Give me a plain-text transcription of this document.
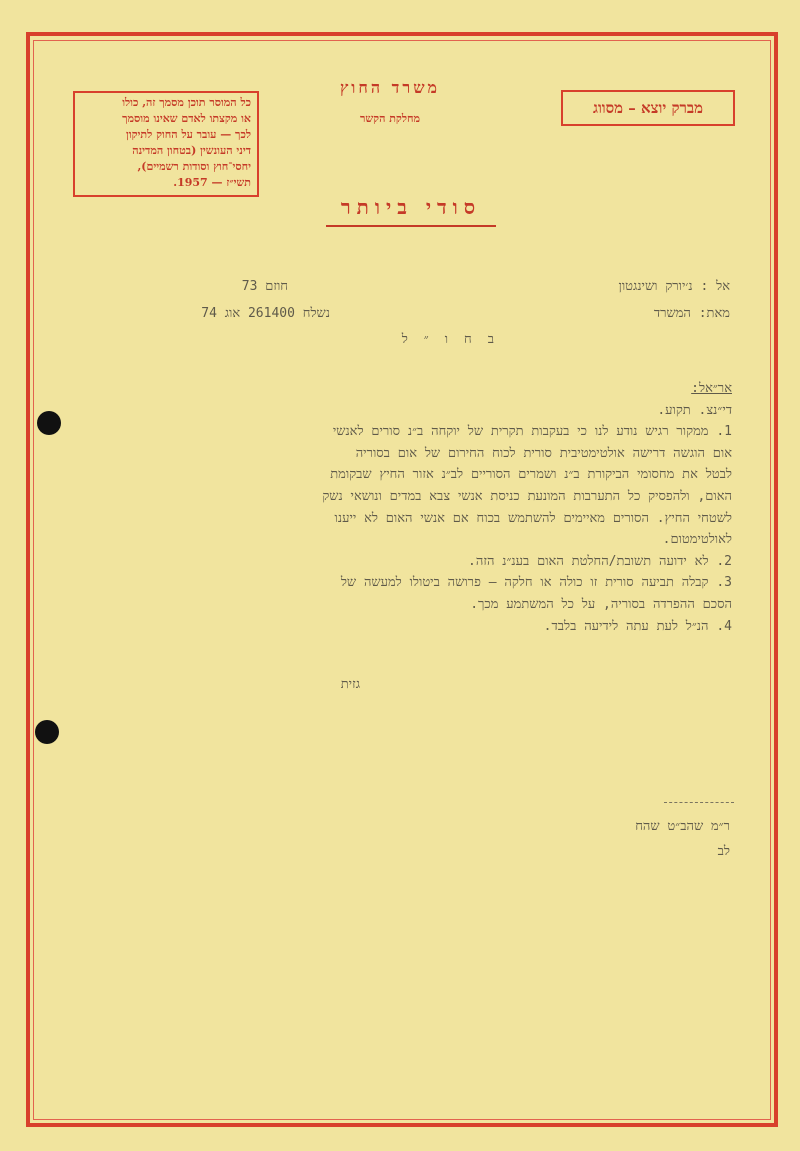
כל המוסר תוכן מסמך זה, כולו
או מקצתו לאדם שאינו מוסמך
לכך — עובר על החוק לתיקון
דיני העונשין (בטחון המדינה
יחסי־חוץ וסודות רשמיים),
תשי״ז — 1957.
משרד החוץ
מחלקת הקשר
מברק יוצא – מסווג
סודי ביותר
אל : נ׳יורק ושינגטון
חוזם 73
מאת: המשרד
נשלח 261400 אוג 74
בחו״ל
אר״אל:
די״נצ. תקוע.
1. ממקור רגיש נודע לנו כי בעקבות תקרית של יוקחה ב״נ סורים לאנשי
אום הוגשה דרישה אולטימטיבית סורית לכוח החירום של אום בסוריה
לבטל את מחסומי הביקורת ב״נ ושמרים הסוריים לב״נ אזור החיץ שבקומת
האום, ולהפסיק כל התערבות המונעת כניסת אנשי צבא במדים ונושאי נשק
לשטחי החיץ. הסורים מאיימים להשתמש בכוח אם אנשי האום לא ייענו
לאולטימטום.
2. לא ידועה תשובת/החלטת האום בענ״נ הזה.
3. קבלה תביעה סורית זו כולה או חלקה – פרושה ביטולו למעשה של
הסכם ההפרדה בסוריה, על כל המשתמע מכך.
4. הנ״ל לעת עתה לידיעה בלבד.
גזית
ר״מ שהב״ט שהח
לב
